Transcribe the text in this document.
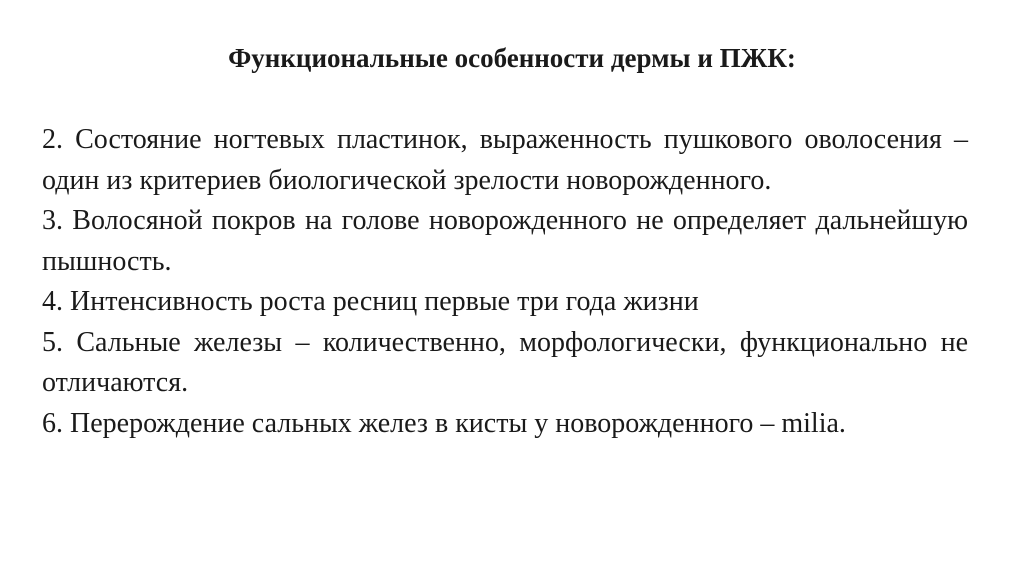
Функциональные особенности дермы и ПЖК:

2. Состояние ногтевых пластинок, выраженность пушкового оволосения – один из критериев биологической зрелости новорожденного.

3. Волосяной покров на голове новорожденного не определяет дальнейшую пышность.

4. Интенсивность роста ресниц первые три года жизни

5. Сальные железы – количественно, морфологически, функционально не отличаются.

6. Перерождение сальных желез в кисты у новорожденного – milia.
